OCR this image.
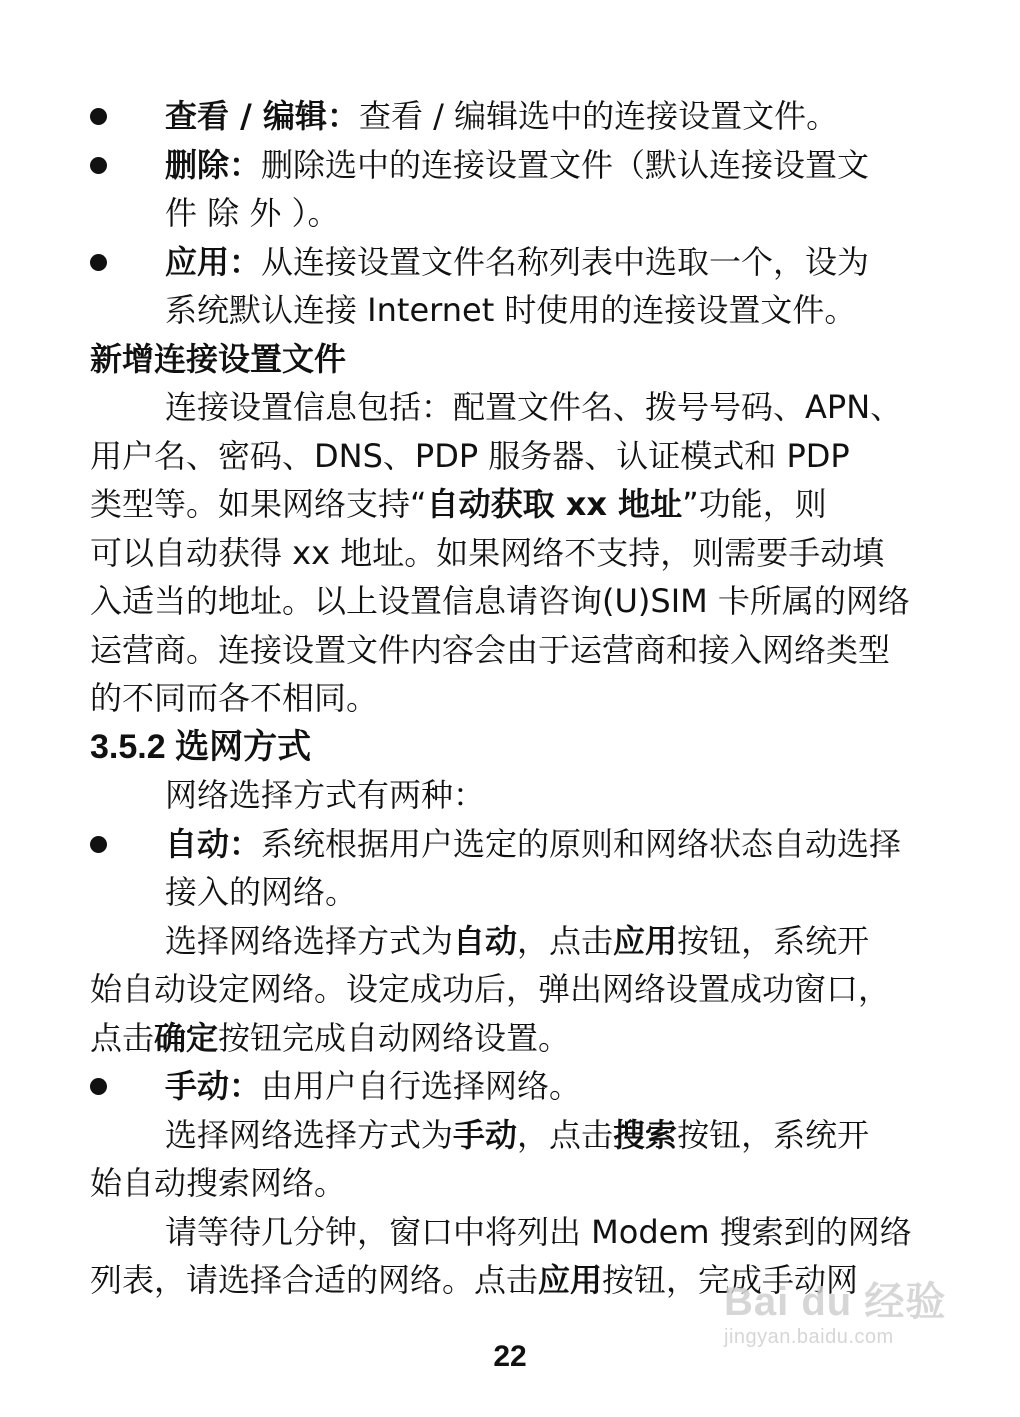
查看 / 编辑：查看 / 编辑选中的连接设置文件。
删除：删除选中的连接设置文件（默认连接设置文
件 除 外 ）。
应用：从连接设置文件名称列表中选取一个，设为
系统默认连接 Internet 时使用的连接设置文件。
新增连接设置文件
连接设置信息包括：配置文件名、拨号号码、APN、
用户名、密码、DNS、PDP 服务器、认证模式和 PDP
类型等。如果网络支持“自动获取 xx 地址”功能，则
可以自动获得 xx 地址。如果网络不支持，则需要手动填
入适当的地址。以上设置信息请咨询(U)SIM 卡所属的网络
运营商。连接设置文件内容会由于运营商和接入网络类型
的不同而各不相同。
3.5.2 选网方式
网络选择方式有两种：
自动：系统根据用户选定的原则和网络状态自动选择
接入的网络。
选择网络选择方式为自动，点击应用按钮，系统开
始自动设定网络。设定成功后，弹出网络设置成功窗口，
点击确定按钮完成自动网络设置。
手动：由用户自行选择网络。
选择网络选择方式为手动，点击搜索按钮，系统开
始自动搜索网络。
请等待几分钟，窗口中将列出 Modem 搜索到的网络
列表，请选择合适的网络。点击应用按钮，完成手动网
Bai du 经验
jingyan.baidu.com
22
